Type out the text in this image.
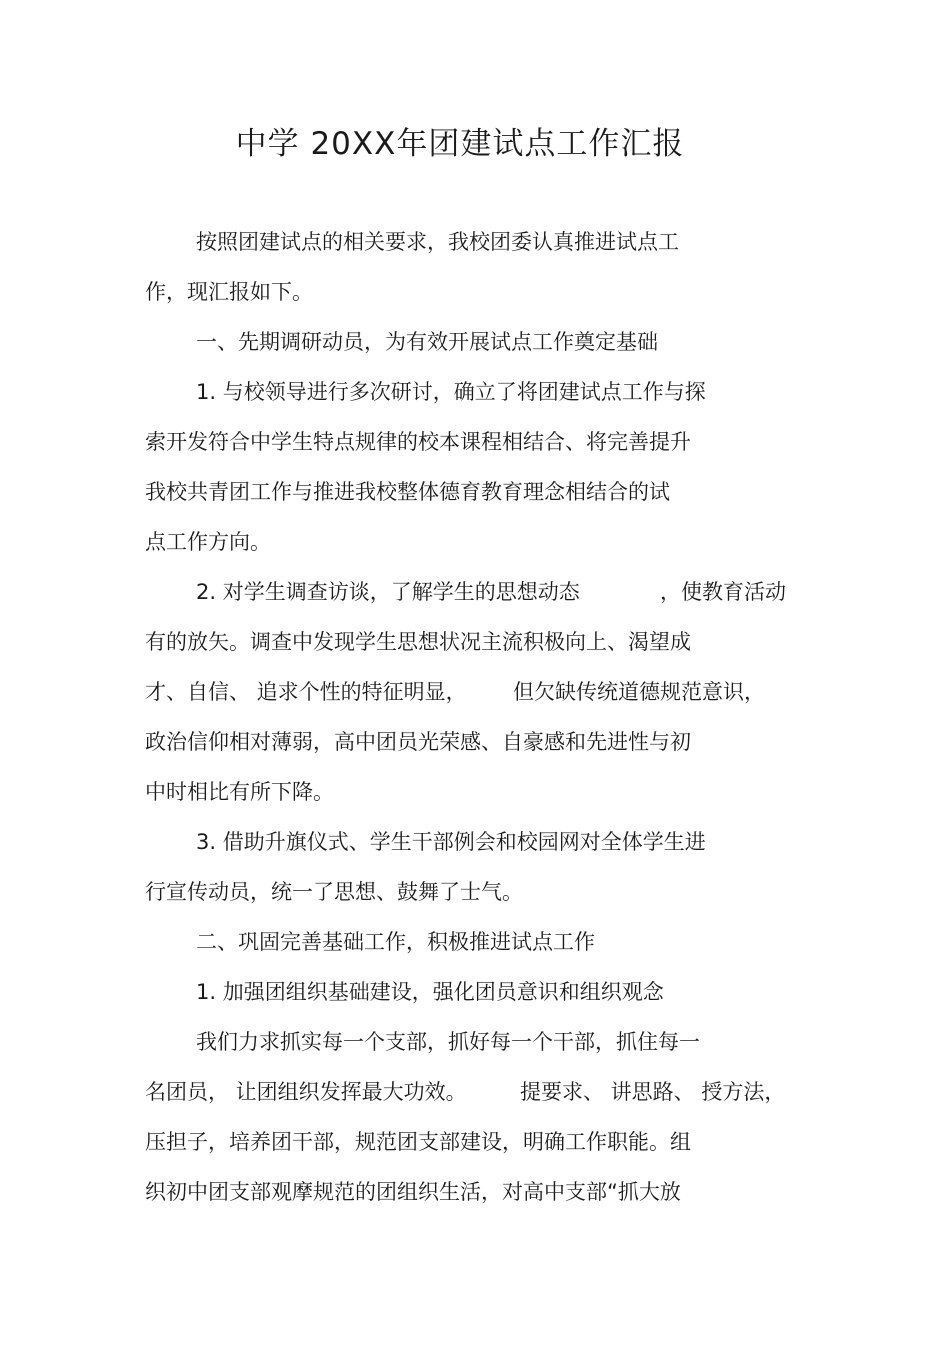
中学 20XX年团建试点工作汇报

按照团建试点的相关要求，我校团委认真推进试点工

作，现汇报如下。

一、先期调研动员，为有效开展试点工作奠定基础

1. 与校领导进行多次研讨，确立了将团建试点工作与探

索开发符合中学生特点规律的校本课程相结合、将完善提升

我校共青团工作与推进我校整体德育教育理念相结合的试

点工作方向。

2. 对学生调查访谈，了解学生的思想动态	，使教育活动

有的放矢。调查中发现学生思想状况主流积极向上、渴望成

才、自信、 追求个性的特征明显， 但欠缺传统道德规范意识，

政治信仰相对薄弱，高中团员光荣感、自豪感和先进性与初

中时相比有所下降。

3. 借助升旗仪式、学生干部例会和校园网对全体学生进

行宣传动员，统一了思想、鼓舞了士气。

二、巩固完善基础工作，积极推进试点工作

1. 加强团组织基础建设，强化团员意识和组织观念

我们力求抓实每一个支部，抓好每一个干部，抓住每一

名团员， 让团组织发挥最大功效。	提要求、 讲思路、 授方法，

压担子，培养团干部，规范团支部建设，明确工作职能。组

织初中团支部观摩规范的团组织生活，对高中支部“抓大放
